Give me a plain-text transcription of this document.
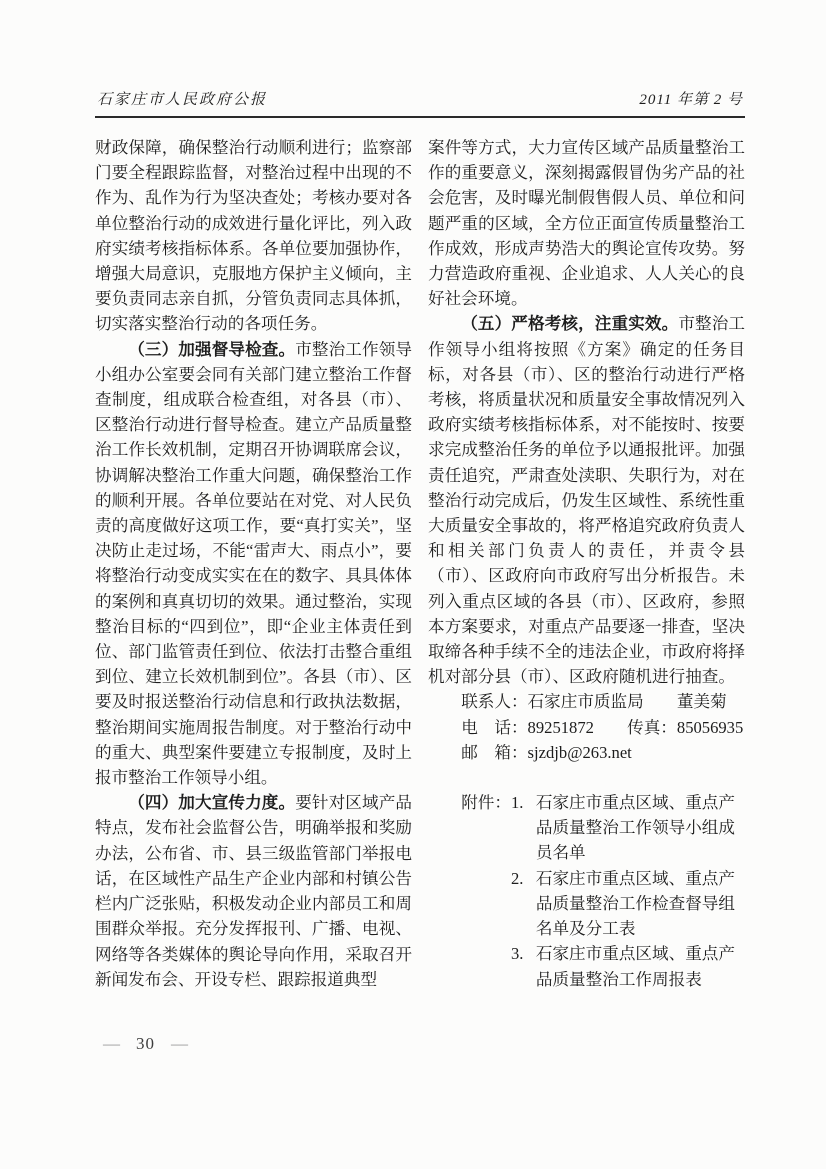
石家庄市人民政府公报	2011 年第 2 号

财政保障，确保整治行动顺利进行；监察部门要全程跟踪监督，对整治过程中出现的不作为、乱作为行为坚决查处；考核办要对各单位整治行动的成效进行量化评比，列入政府实绩考核指标体系。各单位要加强协作，增强大局意识，克服地方保护主义倾向，主要负责同志亲自抓，分管负责同志具体抓，切实落实整治行动的各项任务。

（三）加强督导检查。市整治工作领导小组办公室要会同有关部门建立整治工作督查制度，组成联合检查组，对各县（市）、区整治行动进行督导检查。建立产品质量整治工作长效机制，定期召开协调联席会议，协调解决整治工作重大问题，确保整治工作的顺利开展。各单位要站在对党、对人民负责的高度做好这项工作，要“真打实关”，坚决防止走过场，不能“雷声大、雨点小”，要将整治行动变成实实在在的数字、具具体体的案例和真真切切的效果。通过整治，实现整治目标的“四到位”，即“企业主体责任到位、部门监管责任到位、依法打击整合重组到位、建立长效机制到位”。各县（市）、区要及时报送整治行动信息和行政执法数据，整治期间实施周报告制度。对于整治行动中的重大、典型案件要建立专报制度，及时上报市整治工作领导小组。

（四）加大宣传力度。要针对区域产品特点，发布社会监督公告，明确举报和奖励办法，公布省、市、县三级监管部门举报电话，在区域性产品生产企业内部和村镇公告栏内广泛张贴，积极发动企业内部员工和周围群众举报。充分发挥报刊、广播、电视、网络等各类媒体的舆论导向作用，采取召开新闻发布会、开设专栏、跟踪报道典型

案件等方式，大力宣传区域产品质量整治工作的重要意义，深刻揭露假冒伪劣产品的社会危害，及时曝光制假售假人员、单位和问题严重的区域，全方位正面宣传质量整治工作成效，形成声势浩大的舆论宣传攻势。努力营造政府重视、企业追求、人人关心的良好社会环境。

（五）严格考核，注重实效。市整治工作领导小组将按照《方案》确定的任务目标，对各县（市）、区的整治行动进行严格考核，将质量状况和质量安全事故情况列入政府实绩考核指标体系，对不能按时、按要求完成整治任务的单位予以通报批评。加强责任追究，严肃查处渎职、失职行为，对在整治行动完成后，仍发生区域性、系统性重大质量安全事故的，将严格追究政府负责人和相关部门负责人的责任，并责令县（市）、区政府向市政府写出分析报告。未列入重点区域的各县（市）、区政府，参照本方案要求，对重点产品要逐一排查，坚决取缔各种手续不全的违法企业，市政府将择机对部分县（市）、区政府随机进行抽查。

联系人：石家庄市质监局　　董美菊
电　话：89251872　　传真：85056935
邮　箱：sjzdjb@263.net
附件： 1. 石家庄市重点区域、重点产品质量整治工作领导小组成员名单
2. 石家庄市重点区域、重点产品质量整治工作检查督导组名单及分工表
3. 石家庄市重点区域、重点产品质量整治工作周报表
— 30 —
